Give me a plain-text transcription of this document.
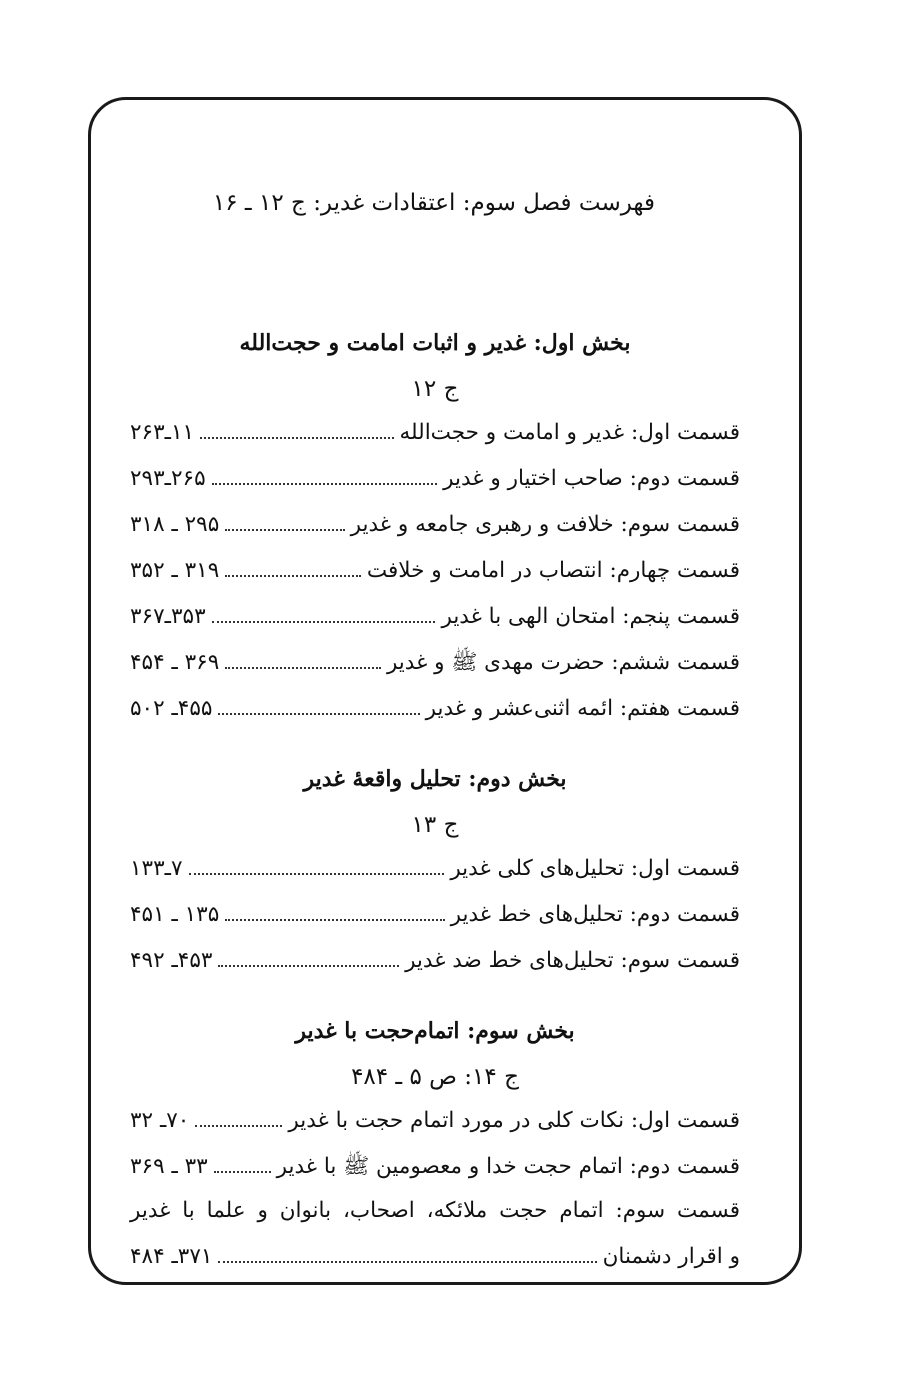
فهرست فصل سوم: اعتقادات غدیر: ج ۱۲ ـ ۱۶
بخش اول: غدیر و اثبات امامت و حجت‌الله
ج ۱۲
قسمت اول: غدیر و امامت و حجت‌الله
۱۱ـ۲۶۳
قسمت دوم: صاحب اختیار و غدیر
۲۶۵ـ۲۹۳
قسمت سوم: خلافت و رهبری جامعه و غدیر
۲۹۵ ـ ۳۱۸
قسمت چهارم: انتصاب در امامت و خلافت
۳۱۹ ـ ۳۵۲
قسمت پنجم: امتحان الهی با غدیر
۳۵۳ـ۳۶۷
قسمت ششم: حضرت مهدی ﷺ و غدیر
۳۶۹ ـ ۴۵۴
قسمت هفتم: ائمه اثنی‌عشر و غدیر
۴۵۵ـ ۵۰۲
بخش دوم: تحلیل واقعهٔ غدیر
ج ۱۳
قسمت اول: تحلیل‌های کلی غدیر
۷ـ۱۳۳
قسمت دوم: تحلیل‌های خط غدیر
۱۳۵ ـ ۴۵۱
قسمت سوم: تحلیل‌های خط ضد غدیر
۴۵۳ـ ۴۹۲
بخش سوم: اتمام‌حجت با غدیر
ج ۱۴: ص ۵ ـ ۴۸۴
قسمت اول: نکات کلی در مورد اتمام حجت با غدیر
۷۰ـ ۳۲
قسمت دوم: اتمام حجت خدا و معصومین ﷺ با غدیر
۳۳ ـ ۳۶۹
قسمت سوم: اتمام حجت ملائکه، اصحاب، بانوان و علما با غدیر
و اقرار دشمنان
۳۷۱ـ ۴۸۴
